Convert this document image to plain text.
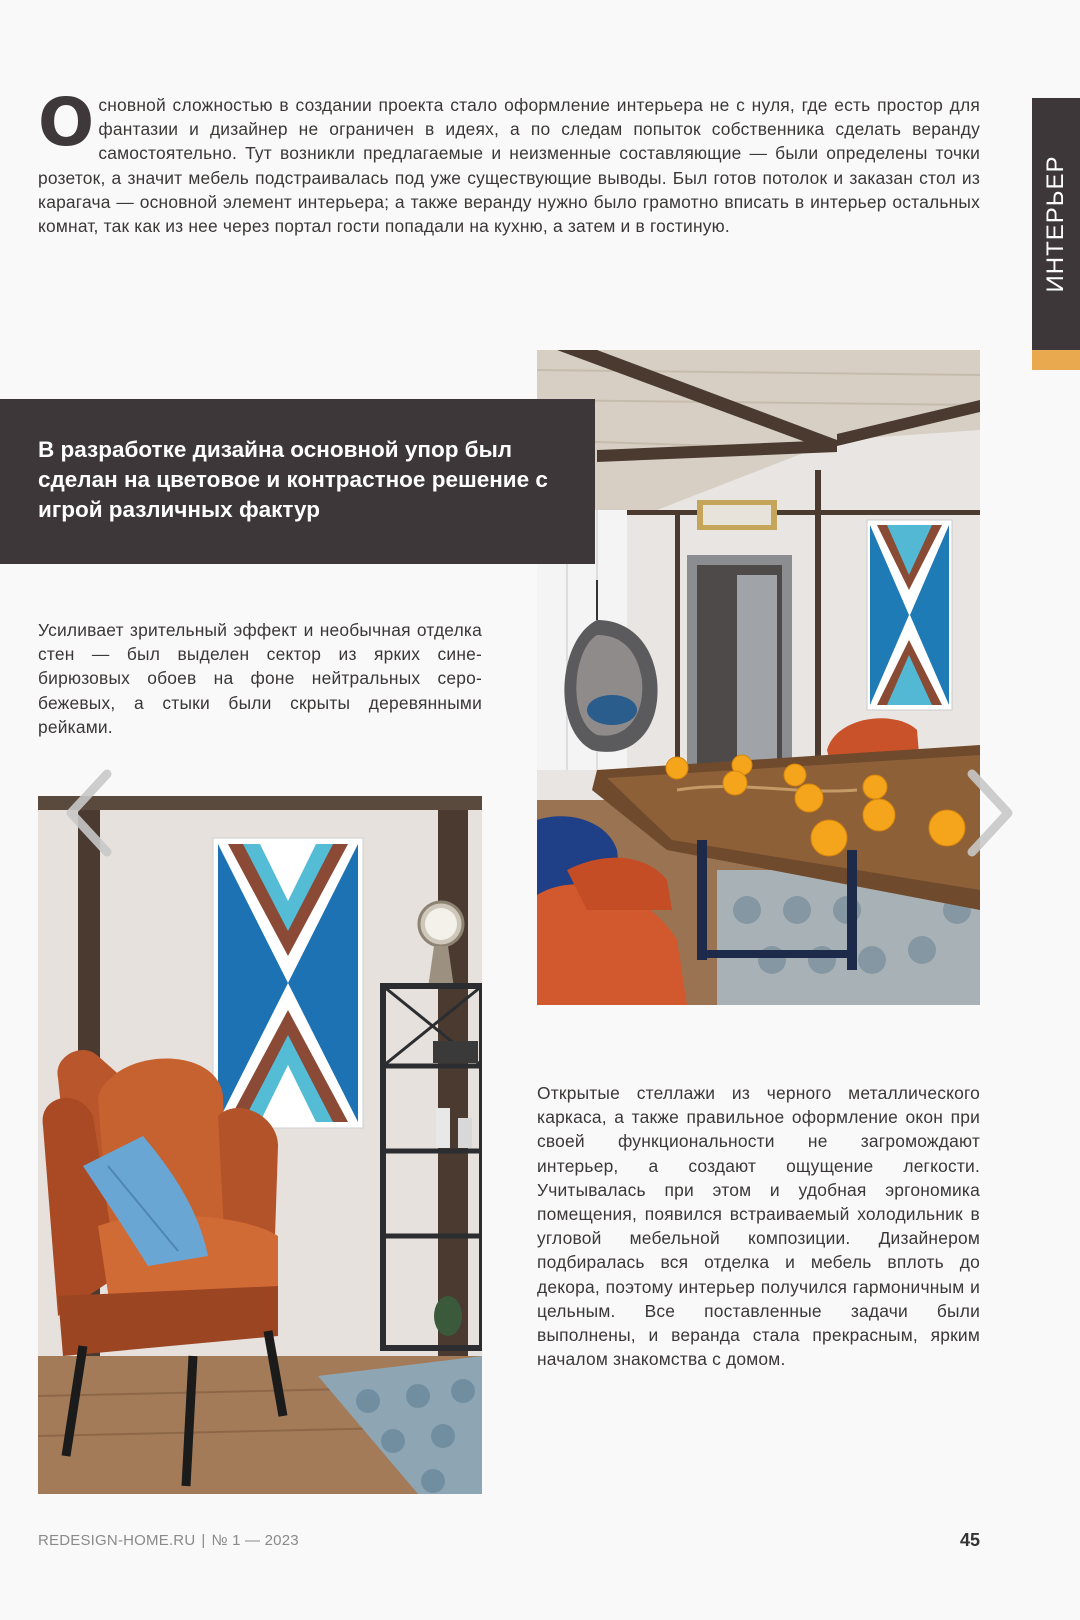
ИНТЕРЬЕР

Основной сложностью в создании проекта стало оформление интерьера не с нуля, где есть простор для фантазии и дизайнер не ограничен в идеях, а по следам попыток собственника сделать веранду самостоятельно. Тут возникли предлагаемые и неизменные составляющие — были определены точки розеток, а значит мебель подстраивалась под уже существующие выводы. Был готов потолок и заказан стол из карагача — основной элемент интерьера; а также веранду нужно было грамотно вписать в интерьер остальных комнат, так как из нее через портал гости попадали на кухню, а затем и в гостиную.

В разработке дизайна основной упор был сделан на цветовое и контрастное решение с игрой различных фактур

Усиливает зрительный эффект и необычная отделка стен — был выделен сектор из ярких сине-бирюзовых обоев на фоне нейтральных серо-бежевых, а стыки были скрыты деревянными рейками.

Открытые стеллажи из черного металлического каркаса, а также правильное оформление окон при своей функциональности не загромождают интерьер, а создают ощущение легкости. Учитывалась при этом и удобная эргономика помещения, появился встраиваемый холодильник в угловой мебельной композиции. Дизайнером подбиралась вся отделка и мебель вплоть до декора, поэтому интерьер получился гармоничным и цельным. Все поставленные задачи были выполнены, и веранда стала прекрасным, ярким началом знакомства с домом.

REDESIGN-HOME.RU | № 1 — 2023	45
